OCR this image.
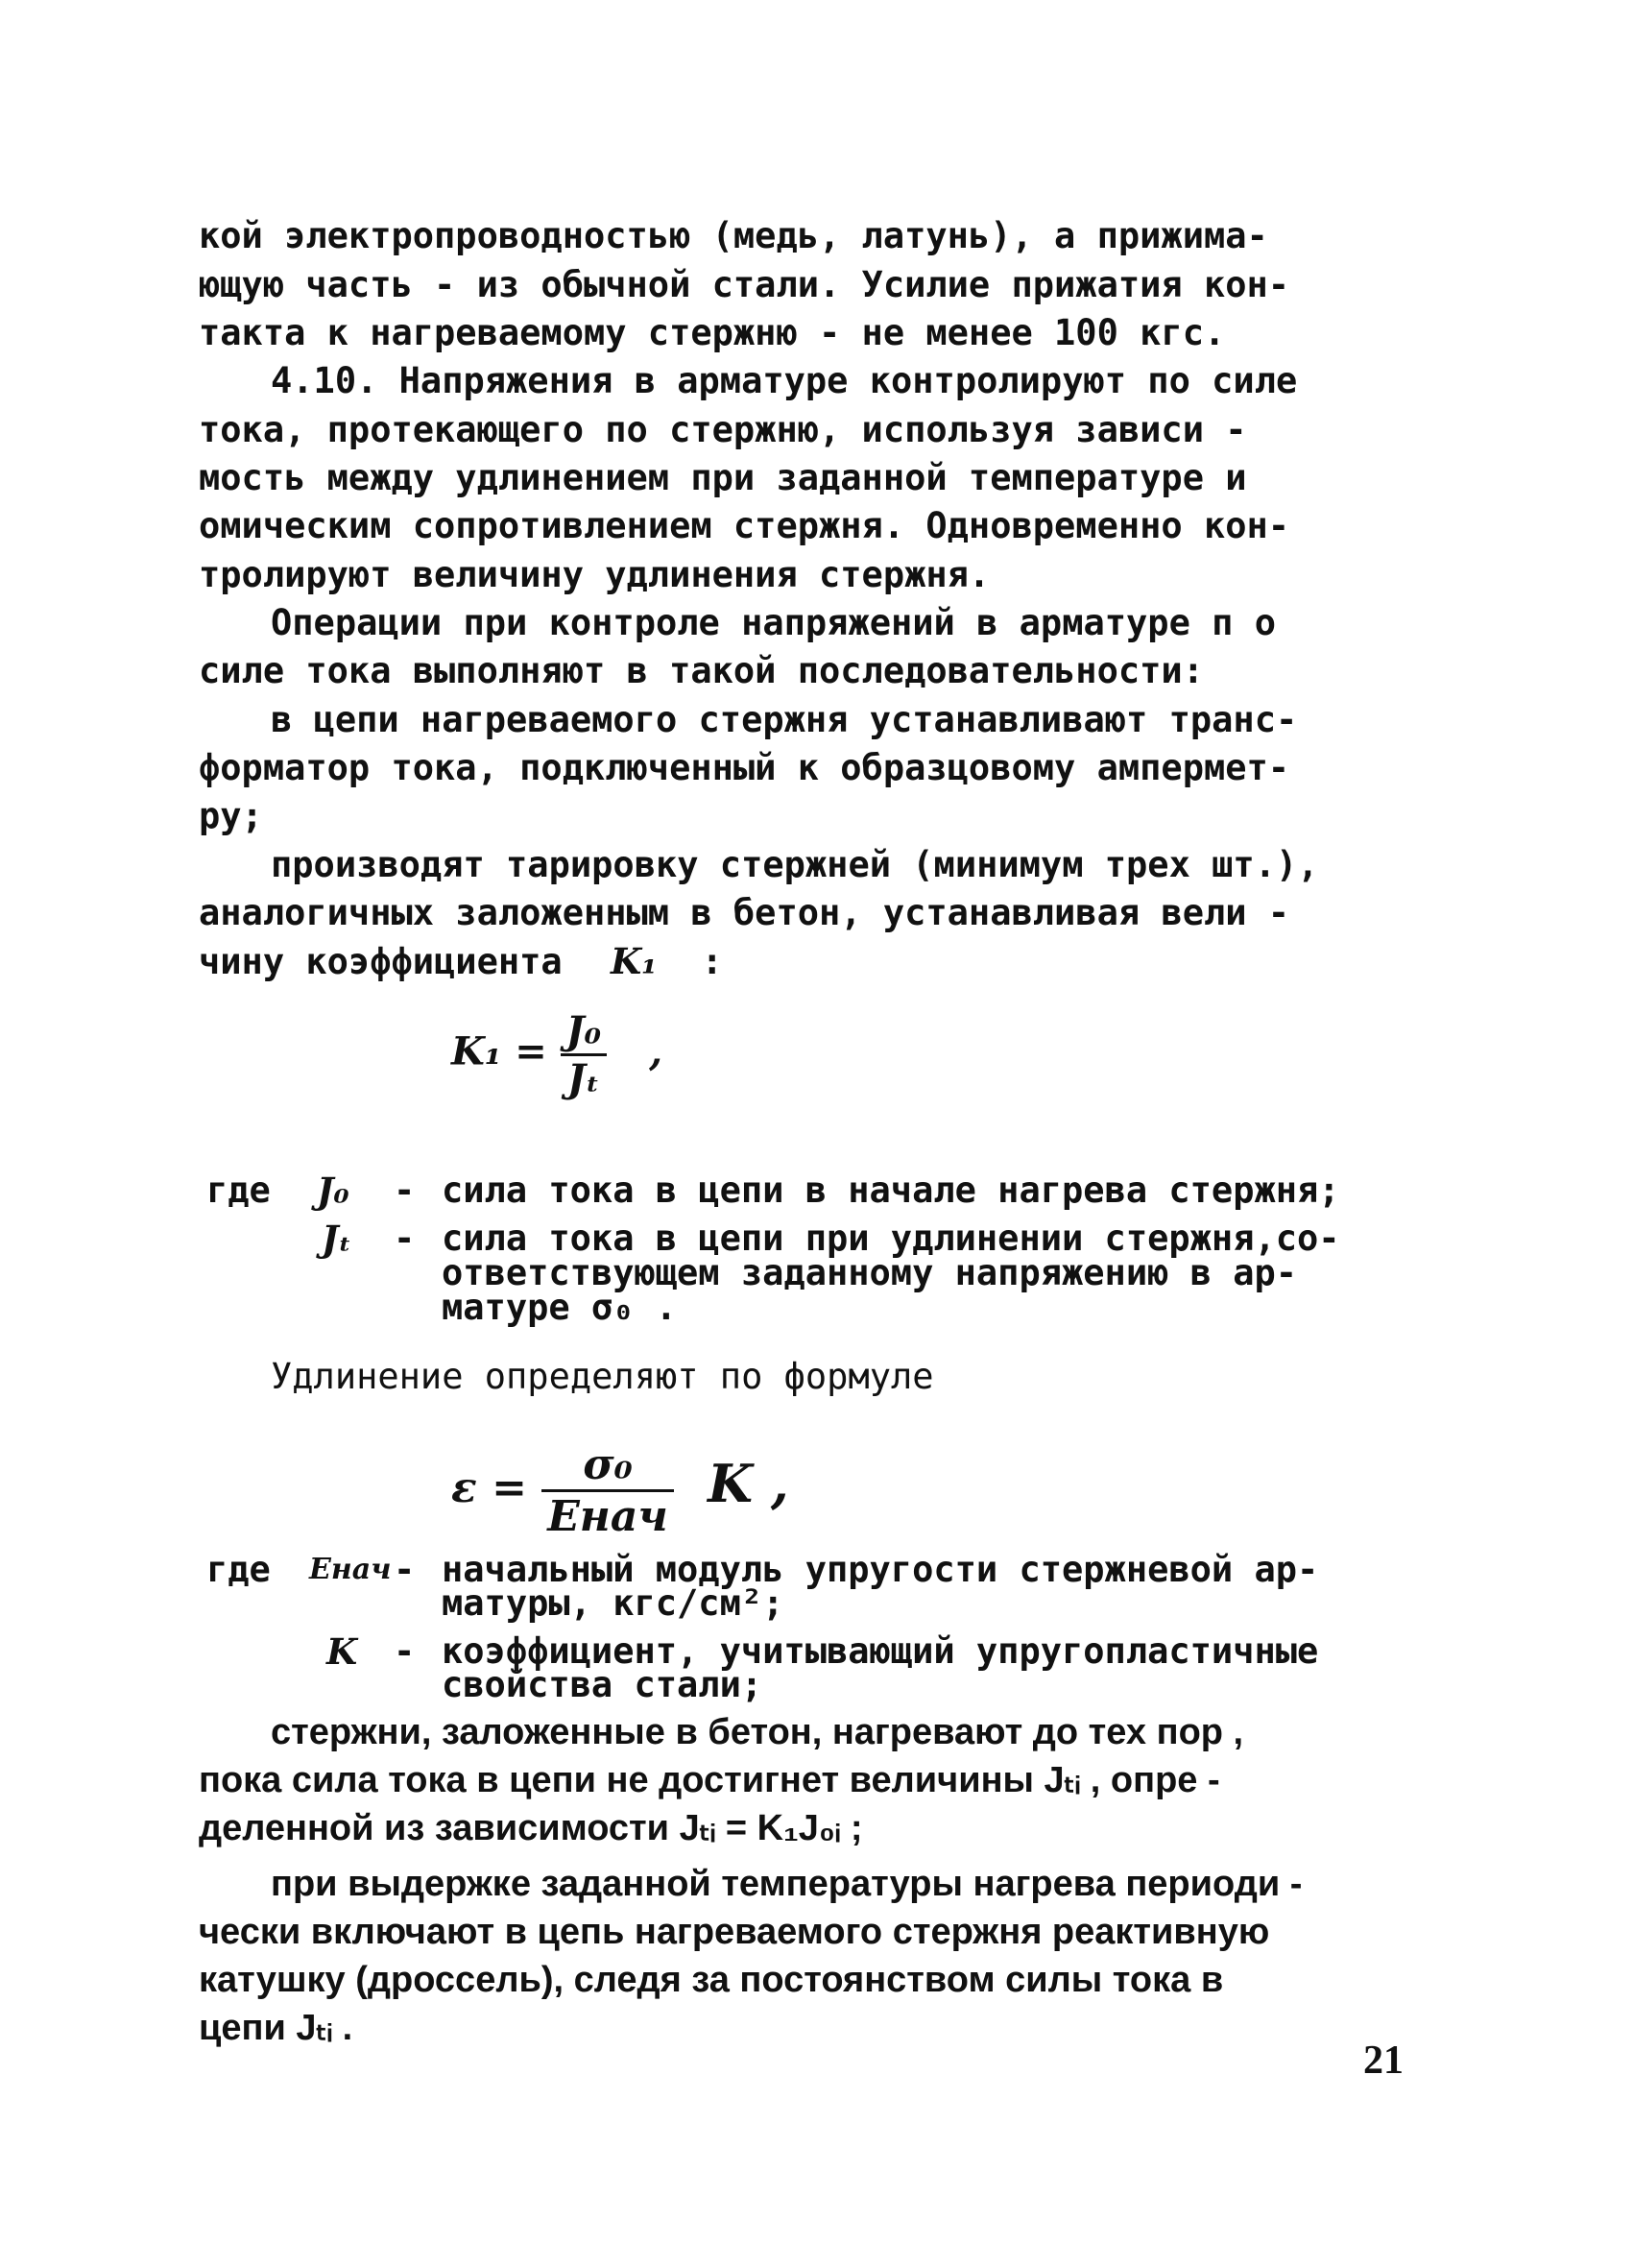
кой электропроводностью (медь, латунь), а прижима-
ющую часть - из обычной стали. Усилие прижатия кон-
такта к нагреваемому стержню - не менее 100 кгс.
4.10. Напряжения в арматуре контролируют по силе
тока, протекающего по стержню, используя зависи -
мость между удлинением при заданной температуре и
омическим сопротивлением стержня. Одновременно кон-
тролируют величину удлинения стержня.
Операции при контроле напряжений в арматуре п о
силе тока выполняют в такой последовательности:
в цепи нагреваемого стержня устанавливают транс-
форматор тока, подключенный к образцовому ампермет-
ру;
производят тарировку стержней (минимум трех шт.),
аналогичных заложенным в бетон, устанавливая вели -
чину коэффициента K₁ :
$K_1 = \frac{\text{J₀}}{\text{Jₜ}}$ ,
где J₀ - сила тока в цепи в начале нагрева стержня;
Jₜ - сила тока в цепи при удлинении стержня,со-
ответствующем заданному напряжению в ар-
матуре σ₀ .
Удлинение определяют по формуле
$\varepsilon = \frac{\text{σ₀}}{\text{Eнач}}$ K ,
где Eнач - начальный модуль упругости стержневой ар-
матуры, кгс/см²;
K - коэффициент, учитывающий упругопластичные
свойства стали;
стержни, заложенные в бетон, нагревают до тех пор ,
пока сила тока в цепи не достигнет величины Jₜᵢ , опре -
деленной из зависимости Jₜᵢ = K₁J₀ᵢ ;
при выдержке заданной температуры нагрева периоди -
чески включают в цепь нагреваемого стержня реактивную
катушку (дроссель), следя за постоянством силы тока в
цепи Jₜᵢ .
21
